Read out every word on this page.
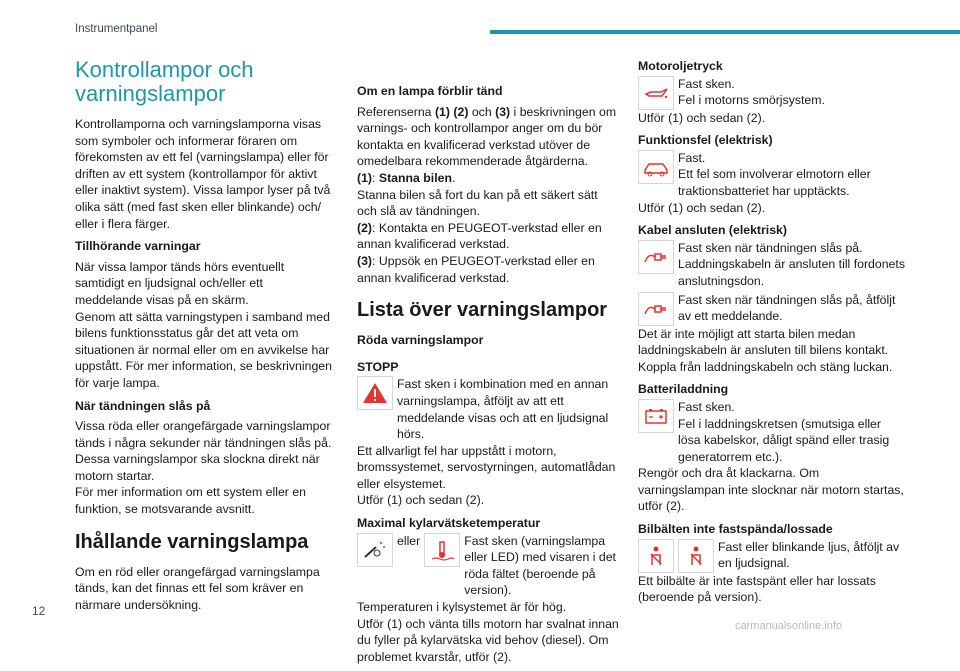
Instrumentpanel
Kontrollampor och varningslampor

Kontrollamporna och varningslamporna visas som symboler och informerar föraren om förekomsten av ett fel (varningslampa) eller för driften av ett system (kontrollampor för aktivt eller inaktivt system). Vissa lampor lyser på två olika sätt (med fast sken eller blinkande) och/ eller i flera färger.

Tillhörande varningar

När vissa lampor tänds hörs eventuellt samtidigt en ljudsignal och/eller ett meddelande visas på en skärm.

Genom att sätta varningstypen i samband med bilens funktionsstatus går det att veta om situationen är normal eller om en avvikelse har uppstått. För mer information, se beskrivningen för varje lampa.

När tändningen slås på

Vissa röda eller orangefärgade varningslampor tänds i några sekunder när tändningen slås på. Dessa varningslampor ska slockna direkt när motorn startar.

För mer information om ett system eller en funktion, se motsvarande avsnitt.

Ihållande varningslampa

Om en röd eller orangefärgad varningslampa tänds, kan det finnas ett fel som kräver en närmare undersökning.

Om en lampa förblir tänd

Referenserna (1) (2) och (3) i beskrivningen om varnings- och kontrollampor anger om du bör kontakta en kvalificerad verkstad utöver de omedelbara rekommenderade åtgärderna.

(1): Stanna bilen.

Stanna bilen så fort du kan på ett säkert sätt och slå av tändningen.

(2): Kontakta en PEUGEOT-verkstad eller en annan kvalificerad verkstad.

(3): Uppsök en PEUGEOT-verkstad eller en annan kvalificerad verkstad.

Lista över varningslampor
Röda varningslampor
STOPP
Fast sken i kombination med en annan varningslampa, åtföljt av att ett meddelande visas och att en ljudsignal hörs.

Ett allvarligt fel har uppstått i motorn, bromssystemet, servostyrningen, automatlådan eller elsystemet.

Utför (1) och sedan (2).

Maximal kylarvätsketemperatur
eller	Fast sken (varningslampa eller LED) med visaren i det röda fältet (beroende på version).

Temperaturen i kylsystemet är för hög.

Utför (1) och vänta tills motorn har svalnat innan du fyller på kylarvätska vid behov (diesel). Om problemet kvarstår, utför (2).

Motoroljetryck
Fast sken.
Fel i motorns smörjsystem.

Utför (1) och sedan (2).

Funktionsfel (elektrisk)
Fast.
Ett fel som involverar elmotorn eller traktionsbatteriet har upptäckts.

Utför (1) och sedan (2).

Kabel ansluten (elektrisk)
Fast sken när tändningen slås på.
Laddningskabeln är ansluten till fordonets anslutningsdon.
Fast sken när tändningen slås på, åtföljt av ett meddelande.

Det är inte möjligt att starta bilen medan laddningskabeln är ansluten till bilens kontakt. Koppla från laddningskabeln och stäng luckan.

Batteriladdning
Fast sken.
Fel i laddningskretsen (smutsiga eller lösa kabelskor, dåligt spänd eller trasig generatorrem etc.).

Rengör och dra åt klackarna. Om varningslampan inte slocknar när motorn startas, utför (2).

Bilbälten inte fastspända/lossade
Fast eller blinkande ljus, åtföljt av en ljudsignal.

Ett bilbälte är inte fastspänt eller har lossats (beroende på version).

12
carmanualsonline.info
